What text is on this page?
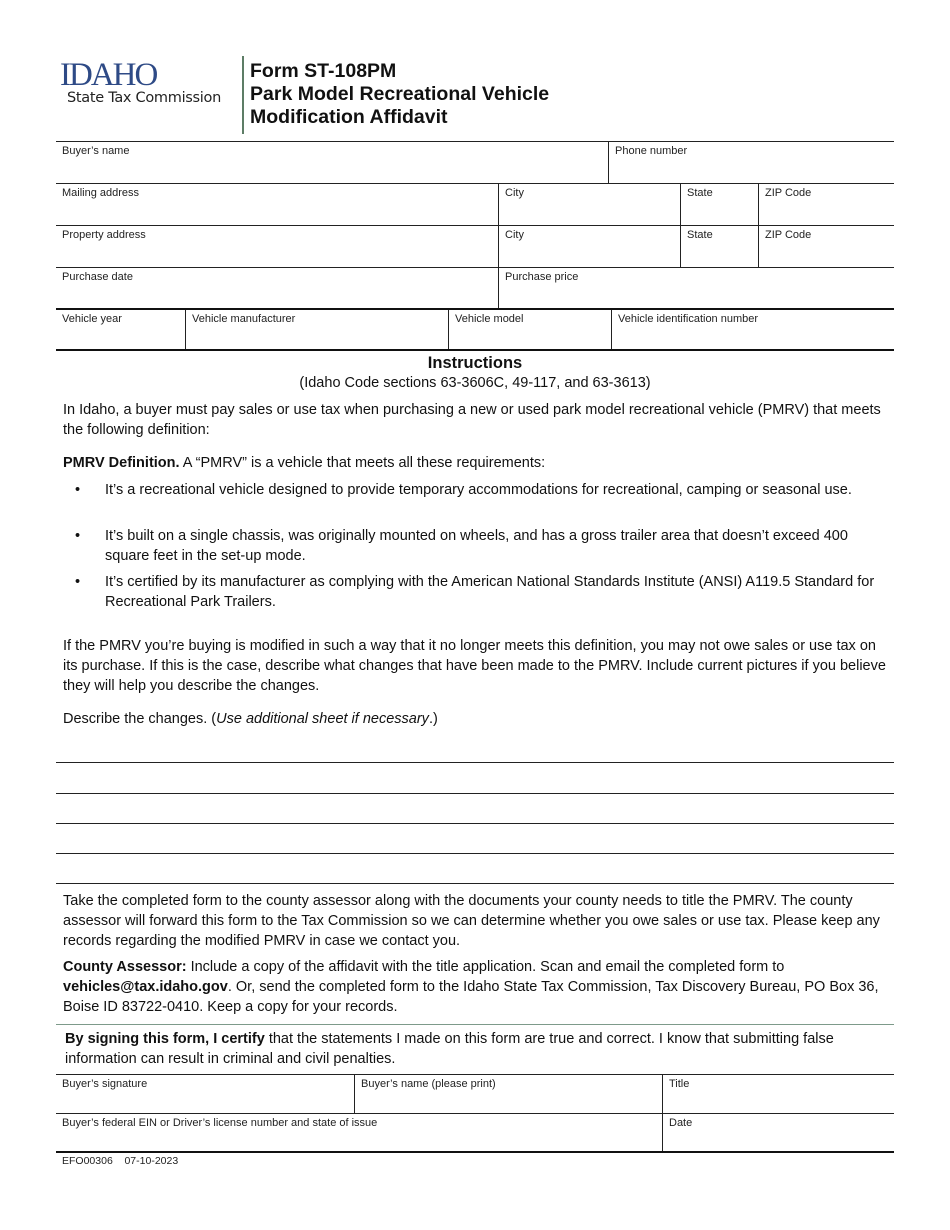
IDAHO
State Tax Commission
Form ST-108PM
Park Model Recreational Vehicle
Modification Affidavit
Buyer’s name	Phone number
Mailing address	City	State	ZIP Code
Property address	City	State	ZIP Code
Purchase date	Purchase price
Vehicle year	Vehicle manufacturer	Vehicle model	Vehicle identification number
Instructions
(Idaho Code sections 63-3606C, 49-117, and 63-3613)
In Idaho, a buyer must pay sales or use tax when purchasing a new or used park model recreational vehicle (PMRV) that meets the following definition:
PMRV Definition. A “PMRV” is a vehicle that meets all these requirements:
• It’s a recreational vehicle designed to provide temporary accommodations for recreational, camping or seasonal use.
• It’s built on a single chassis, was originally mounted on wheels, and has a gross trailer area that doesn’t exceed 400 square feet in the set-up mode.
• It’s certified by its manufacturer as complying with the American National Standards Institute (ANSI) A119.5 Standard for Recreational Park Trailers.
If the PMRV you’re buying is modified in such a way that it no longer meets this definition, you may not owe sales or use tax on its purchase. If this is the case, describe what changes that have been made to the PMRV. Include current pictures if you believe they will help you describe the changes.
Describe the changes. (Use additional sheet if necessary.)
Take the completed form to the county assessor along with the documents your county needs to title the PMRV. The county assessor will forward this form to the Tax Commission so we can determine whether you owe sales or use tax. Please keep any records regarding the modified PMRV in case we contact you.
County Assessor: Include a copy of the affidavit with the title application. Scan and email the completed form to vehicles@tax.idaho.gov. Or, send the completed form to the Idaho State Tax Commission, Tax Discovery Bureau, PO Box 36, Boise ID 83722-0410. Keep a copy for your records.
By signing this form, I certify that the statements I made on this form are true and correct. I know that submitting false information can result in criminal and civil penalties.
Buyer’s signature	Buyer’s name (please print)	Title
Buyer’s federal EIN or Driver’s license number and state of issue	Date
EFO00306 07-10-2023
